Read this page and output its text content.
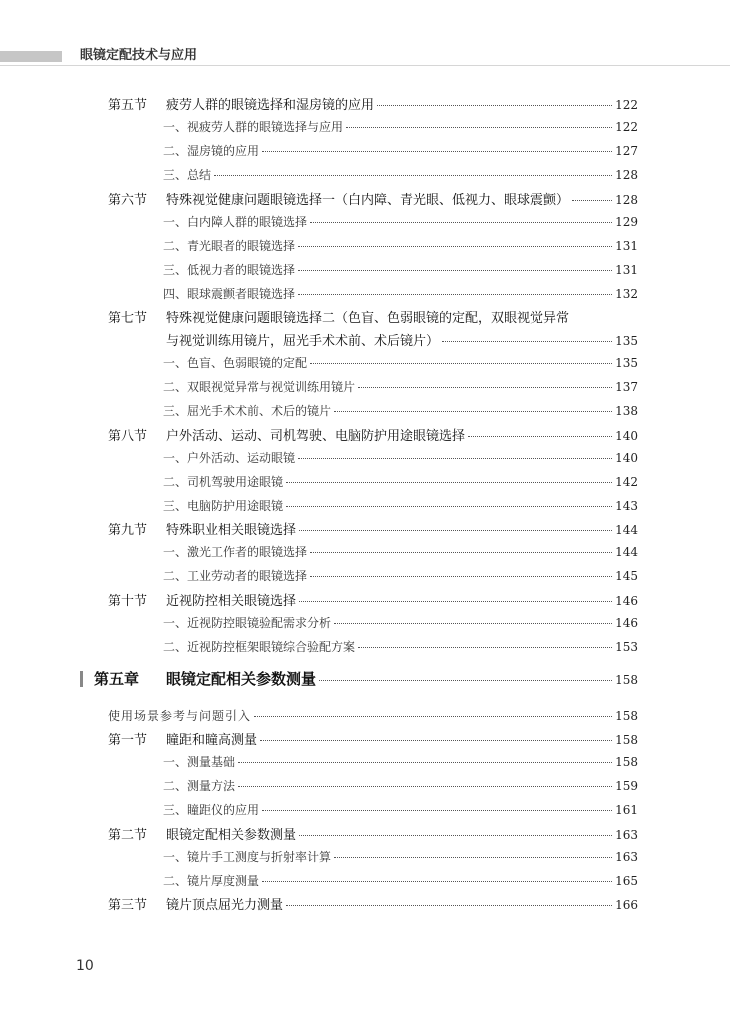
眼镜定配技术与应用
第五节	疲劳人群的眼镜选择和湿房镜的应用	122
一、视疲劳人群的眼镜选择与应用	122
二、湿房镜的应用	127
三、总结	128
第六节	特殊视觉健康问题眼镜选择一（白内障、青光眼、低视力、眼球震颤）	128
一、白内障人群的眼镜选择	129
二、青光眼者的眼镜选择	131
三、低视力者的眼镜选择	131
四、眼球震颤者眼镜选择	132
第七节	特殊视觉健康问题眼镜选择二（色盲、色弱眼镜的定配，双眼视觉异常
与视觉训练用镜片，屈光手术术前、术后镜片）	135
一、色盲、色弱眼镜的定配	135
二、双眼视觉异常与视觉训练用镜片	137
三、屈光手术术前、术后的镜片	138
第八节	户外活动、运动、司机驾驶、电脑防护用途眼镜选择	140
一、户外活动、运动眼镜	140
二、司机驾驶用途眼镜	142
三、电脑防护用途眼镜	143
第九节	特殊职业相关眼镜选择	144
一、激光工作者的眼镜选择	144
二、工业劳动者的眼镜选择	145
第十节	近视防控相关眼镜选择	146
一、近视防控眼镜验配需求分析	146
二、近视防控框架眼镜综合验配方案	153
第五章	眼镜定配相关参数测量	158
使用场景参考与问题引入	158
第一节	瞳距和瞳高测量	158
一、测量基础	158
二、测量方法	159
三、瞳距仪的应用	161
第二节	眼镜定配相关参数测量	163
一、镜片手工测度与折射率计算	163
二、镜片厚度测量	165
第三节	镜片顶点屈光力测量	166
10
